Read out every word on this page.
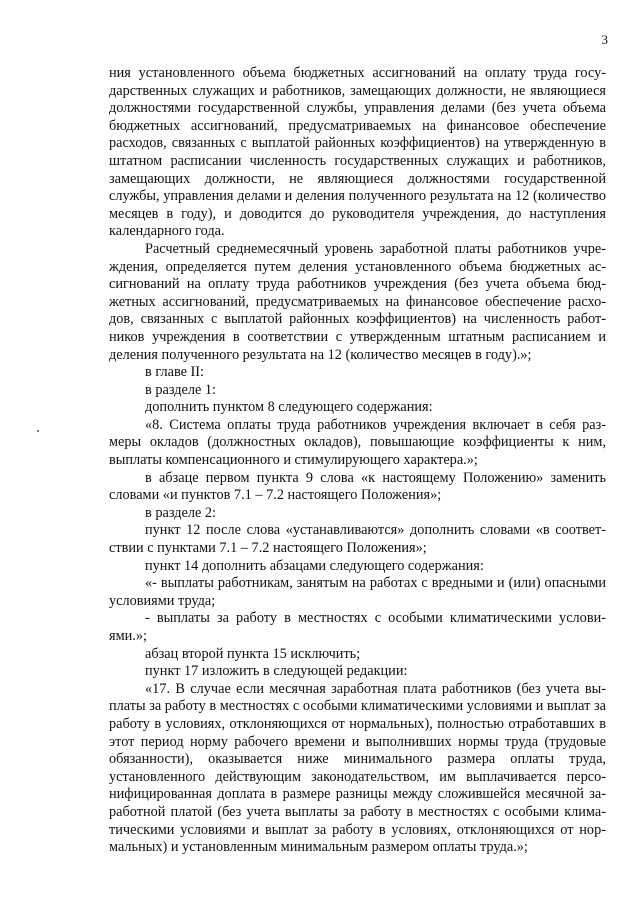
3

ния установленного объема бюджетных ассигнований на оплату труда государственных служащих и работников, замещающих должности, не являющиеся должностями государственной службы, управления делами (без учета объема бюджетных ассигнований, предусматриваемых на финансовое обеспечение расходов, связанных с выплатой районных коэффициентов) на утвержденную в штатном расписании численность государственных служащих и работников, замещающих должности, не являющиеся должностями государственной службы, управления делами и деления полученного результата на 12 (количество месяцев в году), и доводится до руководителя учреждения, до наступления календарного года.

Расчетный среднемесячный уровень заработной платы работников учреждения, определяется путем деления установленного объема бюджетных ассигнований на оплату труда работников учреждения (без учета объема бюджетных ассигнований, предусматриваемых на финансовое обеспечение расходов, связанных с выплатой районных коэффициентов) на численность работников учреждения в соответствии с утвержденным штатным расписанием и деления полученного результата на 12 (количество месяцев в году).»;

в главе II:

в разделе 1:

дополнить пунктом 8 следующего содержания:

«8. Система оплаты труда работников учреждения включает в себя размеры окладов (должностных окладов), повышающие коэффициенты к ним, выплаты компенсационного и стимулирующего характера.»;

в абзаце первом пункта 9 слова «к настоящему Положению» заменить словами «и пунктов 7.1 – 7.2 настоящего Положения»;

в разделе 2:

пункт 12 после слова «устанавливаются» дополнить словами «в соответствии с пунктами 7.1 – 7.2 настоящего Положения»;

пункт 14 дополнить абзацами следующего содержания:

«- выплаты работникам, занятым на работах с вредными и (или) опасными условиями труда;

- выплаты за работу в местностях с особыми климатическими условиями.»;

абзац второй пункта 15 исключить;

пункт 17 изложить в следующей редакции:

«17. В случае если месячная заработная плата работников (без учета выплаты за работу в местностях с особыми климатическими условиями и выплат за работу в условиях, отклоняющихся от нормальных), полностью отработавших в этот период норму рабочего времени и выполнивших нормы труда (трудовые обязанности), оказывается ниже минимального размера оплаты труда, установленного действующим законодательством, им выплачивается персонифицированная доплата в размере разницы между сложившейся месячной заработной платой (без учета выплаты за работу в местностях с особыми климатическими условиями и выплат за работу в условиях, отклоняющихся от нормальных) и установленным минимальным размером оплаты труда.»;
